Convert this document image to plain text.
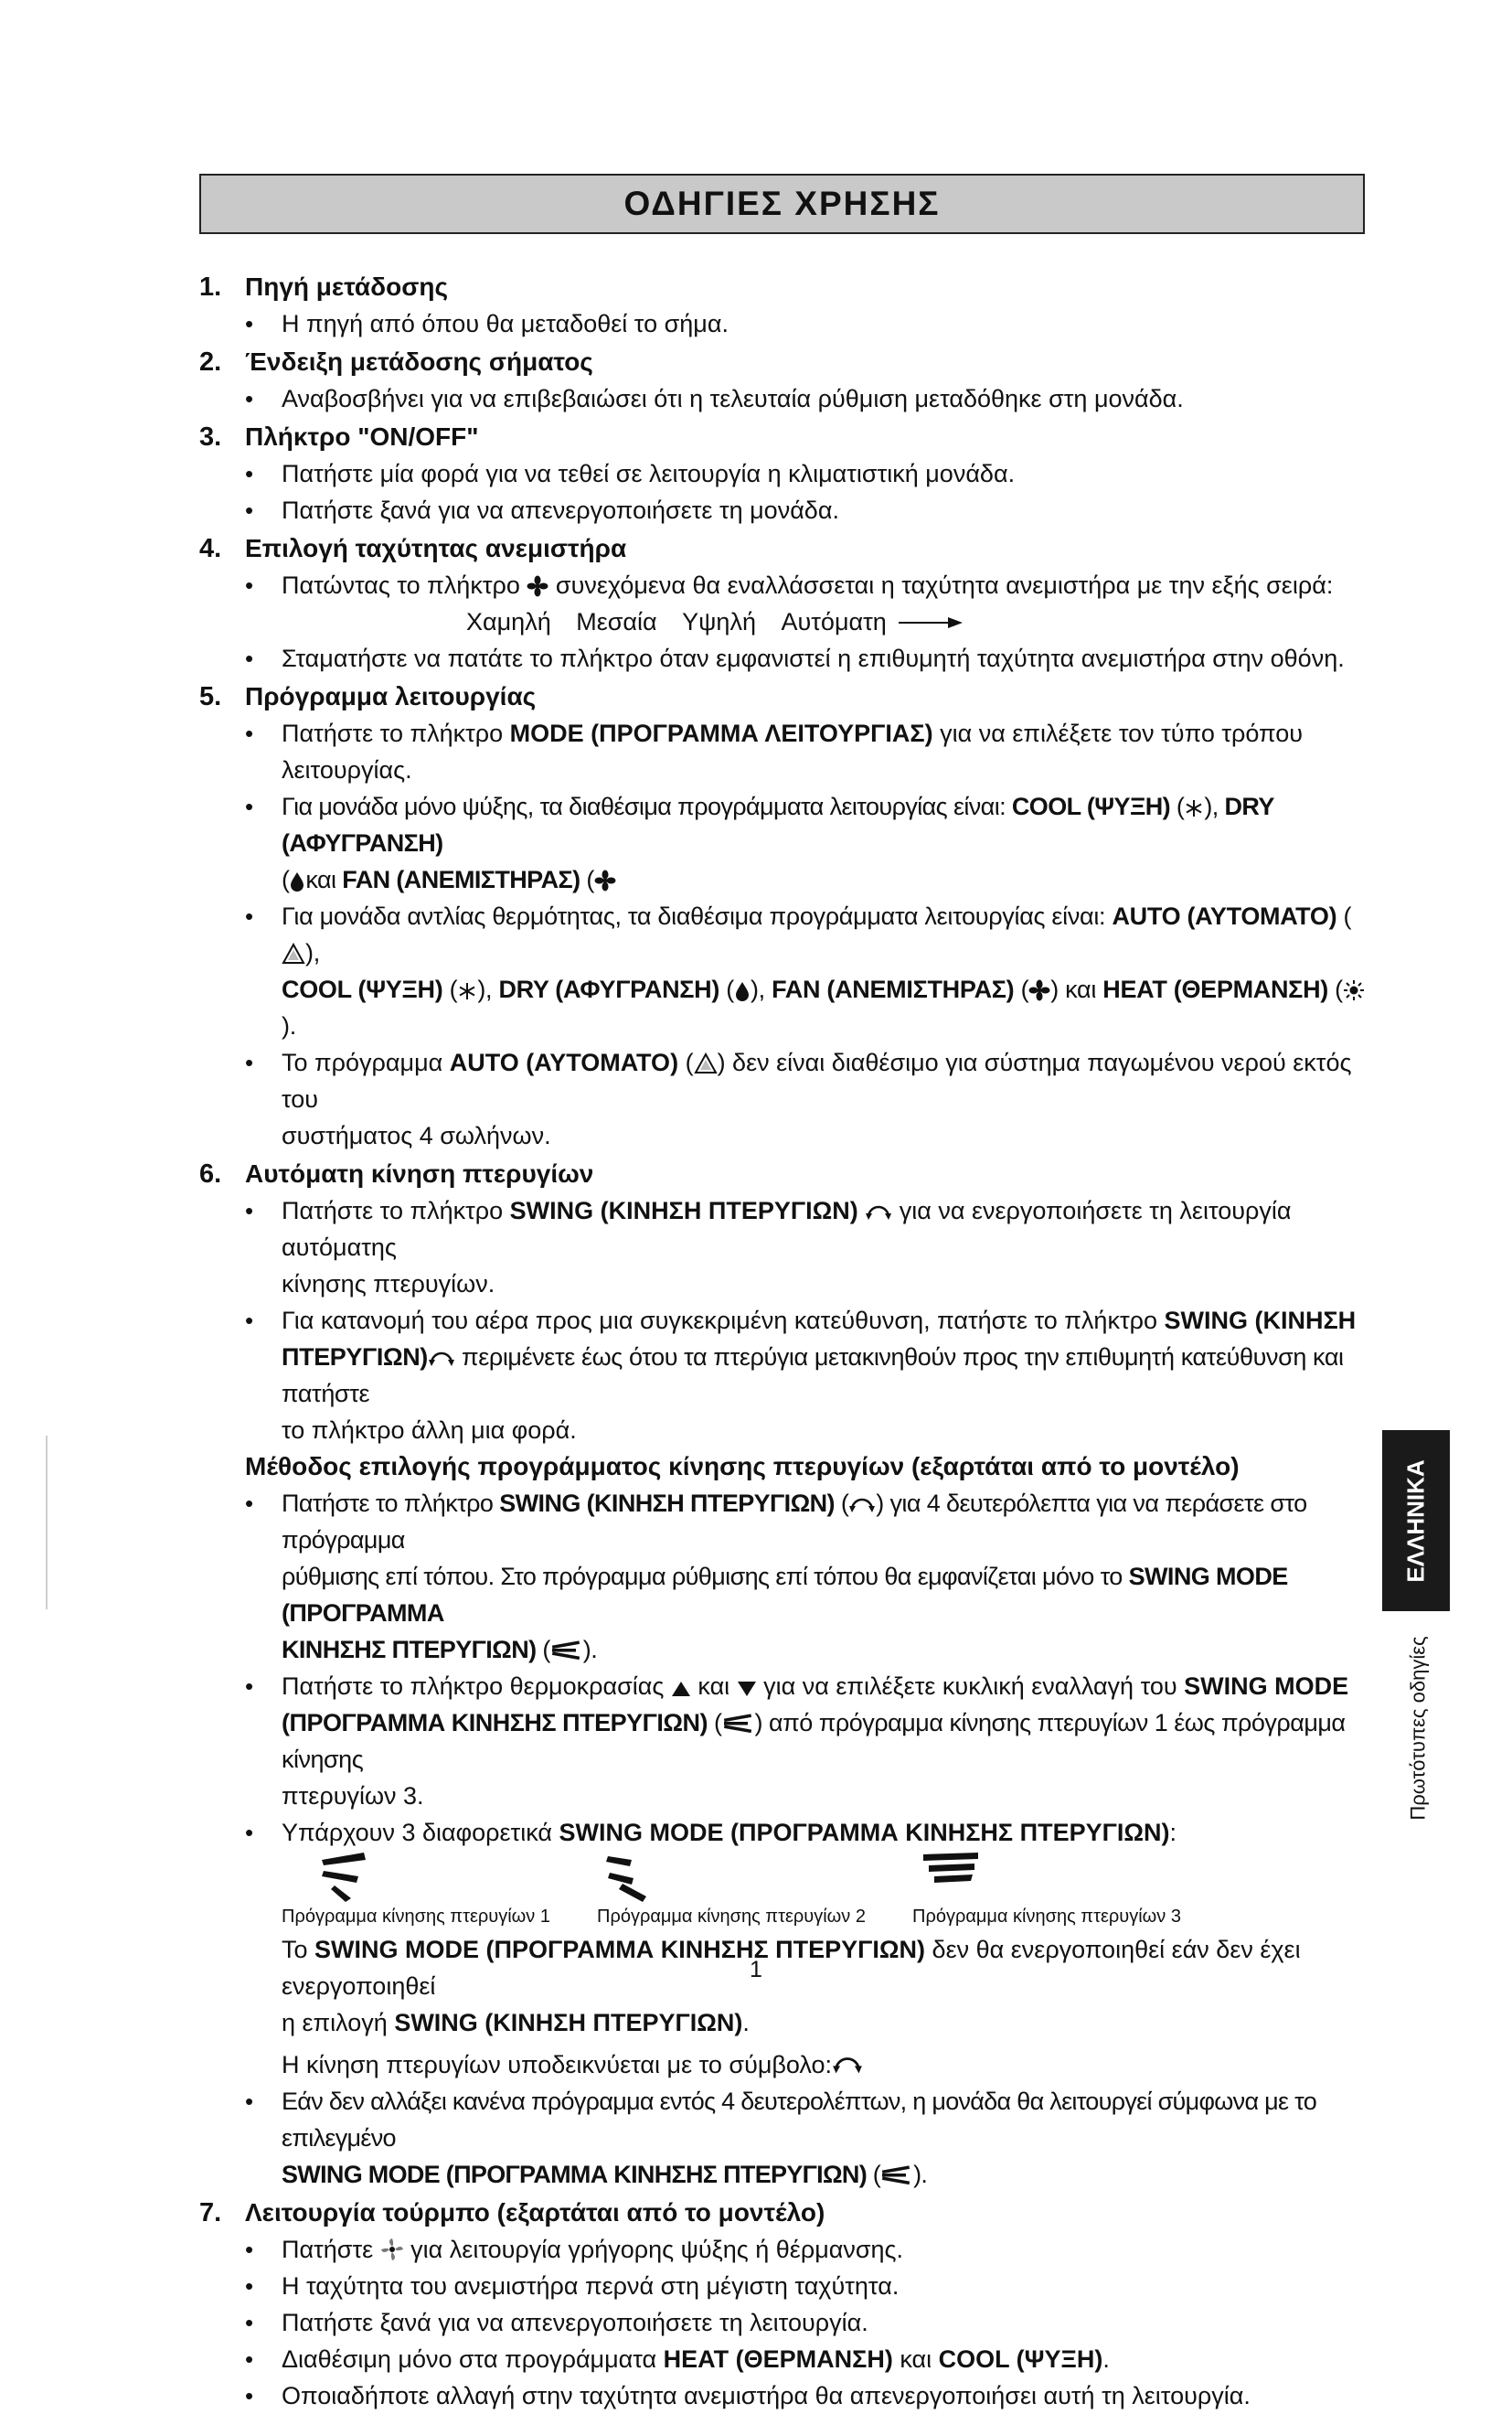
ΟΔΗΓΙΕΣ ΧΡΗΣΗΣ
1. Πηγή μετάδοσης
• Η πηγή από όπου θα μεταδοθεί το σήμα.
2. Ένδειξη μετάδοσης σήματος
• Αναβοσβήνει για να επιβεβαιώσει ότι η τελευταία ρύθμιση μεταδόθηκε στη μονάδα.
3. Πλήκτρο "ON/OFF"
• Πατήστε μία φορά για να τεθεί σε λειτουργία η κλιματιστική μονάδα.
• Πατήστε ξανά για να απενεργοποιήσετε τη μονάδα.
4. Επιλογή ταχύτητας ανεμιστήρα
• Πατώντας το πλήκτρο συνεχόμενα θα εναλλάσσεται η ταχύτητα ανεμιστήρα με την εξής σειρά:
Χαμηλή Μεσαία Υψηλή Αυτόματη
• Σταματήστε να πατάτε το πλήκτρο όταν εμφανιστεί η επιθυμητή ταχύτητα ανεμιστήρα στην οθόνη.
5. Πρόγραμμα λειτουργίας
• Πατήστε το πλήκτρο MODE (ΠΡΟΓΡΑΜΜΑ ΛΕΙΤΟΥΡΓΙΑΣ) για να επιλέξετε τον τύπο τρόπου λειτουργίας.
• Για μονάδα μόνο ψύξης, τα διαθέσιμα προγράμματα λειτουργίας είναι: COOL (ΨΥΞΗ) ( ), DRY (ΑΦΥΓΡΑΝΣΗ)
( και FAN (ΑΝΕΜΙΣΤΗΡΑΣ) (
• Για μονάδα αντλίας θερμότητας, τα διαθέσιμα προγράμματα λειτουργίας είναι: AUTO (ΑΥΤΟΜΑΤΟ) (),
COOL (ΨΥΞΗ) ( ), DRY (ΑΦΥΓΡΑΝΣΗ) ( ), FAN (ΑΝΕΜΙΣΤΗΡΑΣ) ( ) και HEAT (ΘΕΡΜΑΝΣΗ) ().
• Το πρόγραμμα AUTO (ΑΥΤΟΜΑΤΟ) ( ) δεν είναι διαθέσιμο για σύστημα παγωμένου νερού εκτός του
συστήματος 4 σωλήνων.
6. Αυτόματη κίνηση πτερυγίων
• Πατήστε το πλήκτρο SWING (ΚΙΝΗΣΗ ΠΤΕΡΥΓΙΩΝ)  για να ενεργοποιήσετε τη λειτουργία αυτόματης
κίνησης πτερυγίων.
• Για κατανομή του αέρα προς μια συγκεκριμένη κατεύθυνση, πατήστε το πλήκτρο SWING (ΚΙΝΗΣΗ
ΠΤΕΡΥΓΙΩΝ) περιμένετε έως ότου τα πτερύγια μετακινηθούν προς την επιθυμητή κατεύθυνση και πατήστε
το πλήκτρο άλλη μια φορά.
Μέθοδος επιλογής προγράμματος κίνησης πτερυγίων (εξαρτάται από το μοντέλο)
• Πατήστε το πλήκτρο SWING (ΚΙΝΗΣΗ ΠΤΕΡΥΓΙΩΝ) ( ) για 4 δευτερόλεπτα για να περάσετε στο πρόγραμμα
ρύθμισης επί τόπου. Στο πρόγραμμα ρύθμισης επί τόπου θα εμφανίζεται μόνο το SWING MODE (ΠΡΟΓΡΑΜΜΑ
ΚΙΝΗΣΗΣ ΠΤΕΡΥΓΙΩΝ) ( ).
• Πατήστε το πλήκτρο θερμοκρασίας  και  για να επιλέξετε κυκλική εναλλαγή του SWING MODE
(ΠΡΟΓΡΑΜΜΑ ΚΙΝΗΣΗΣ ΠΤΕΡΥΓΙΩΝ) ( ) από πρόγραμμα κίνησης πτερυγίων 1 έως πρόγραμμα κίνησης
πτερυγίων 3.
• Υπάρχουν 3 διαφορετικά SWING MODE (ΠΡΟΓΡΑΜΜΑ ΚΙΝΗΣΗΣ ΠΤΕΡΥΓΙΩΝ):
Πρόγραμμα κίνησης πτερυγίων 1	Πρόγραμμα κίνησης πτερυγίων 2	Πρόγραμμα κίνησης πτερυγίων 3
Το SWING MODE (ΠΡΟΓΡΑΜΜΑ ΚΙΝΗΣΗΣ ΠΤΕΡΥΓΙΩΝ) δεν θα ενεργοποιηθεί εάν δεν έχει ενεργοποιηθεί
η επιλογή SWING (ΚΙΝΗΣΗ ΠΤΕΡΥΓΙΩΝ).
Η κίνηση πτερυγίων υποδεικνύεται με το σύμβολο:
• Εάν δεν αλλάξει κανένα πρόγραμμα εντός 4 δευτερολέπτων, η μονάδα θα λειτουργεί σύμφωνα με το επιλεγμένο
SWING MODE (ΠΡΟΓΡΑΜΜΑ ΚΙΝΗΣΗΣ ΠΤΕΡΥΓΙΩΝ) ( ).
7. Λειτουργία τούρμπο (εξαρτάται από το μοντέλο)
• Πατήστε  για λειτουργία γρήγορης ψύξης ή θέρμανσης.
• Η ταχύτητα του ανεμιστήρα περνά στη μέγιστη ταχύτητα.
• Πατήστε ξανά για να απενεργοποιήσετε τη λειτουργία.
• Διαθέσιμη μόνο στα προγράμματα HEAT (ΘΕΡΜΑΝΣΗ) και COOL (ΨΥΞΗ).
• Οποιαδήποτε αλλαγή στην ταχύτητα ανεμιστήρα θα απενεργοποιήσει αυτή τη λειτουργία.
ΕΛΛΗΝΙΚΑ
Πρωτότυπες οδηγίες
1
